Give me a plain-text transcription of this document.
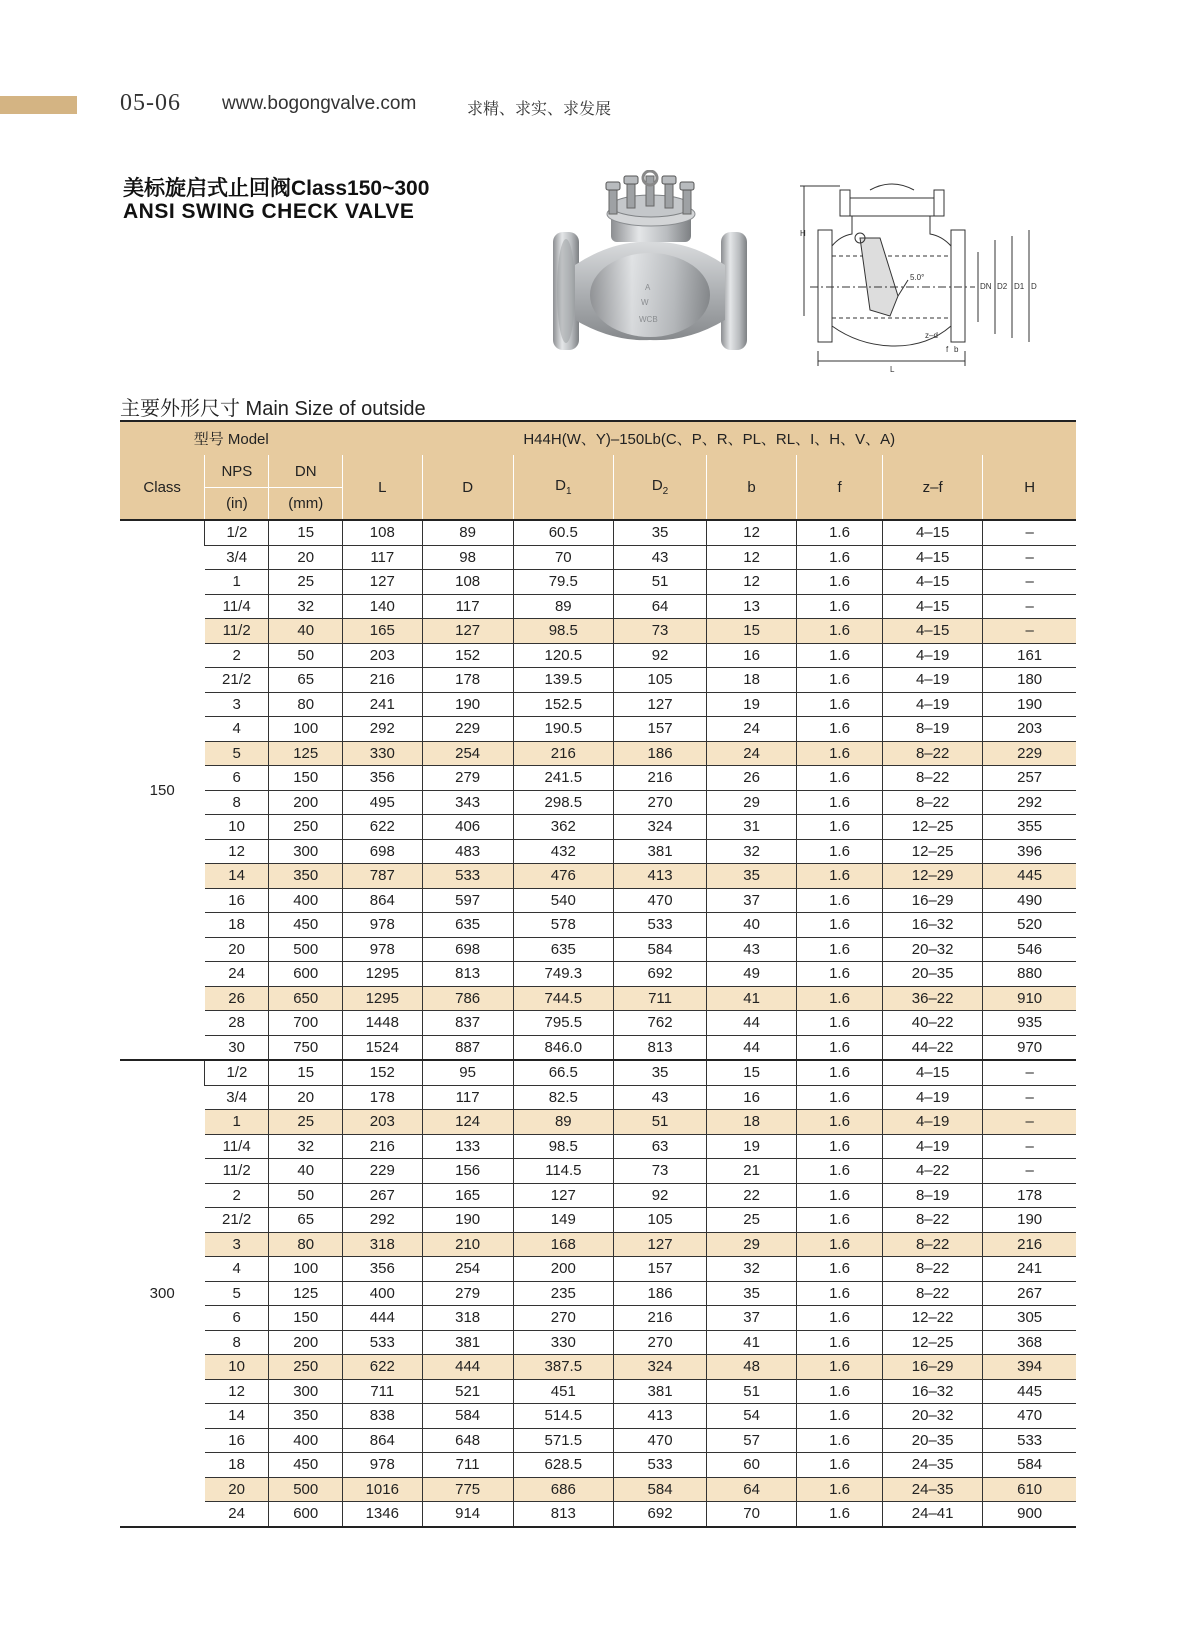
05-06 www.bogongvalve.com	求精、求实、求发展
美标旋启式止回阀Class150~300
ANSI SWING CHECK VALVE
A
W
WCB
H
5.0°
DN D2 D1 D
z–d
f b
L
主要外形尺寸 Main Size of outside
型号 Model			H44H(W、Y)–150Lb(C、P、R、PL、RL、I、H、V、A)							
Class	NPS	DN	L	D	$D_1$	$D_2$	b	f	z–f	H
	(in)	(mm)								
150	1/2	15	108	89	60.5	35	12	1.6	4–15	–
	3/4	20	117	98	70	43	12	1.6	4–15	–
	1	25	127	108	79.5	51	12	1.6	4–15	–
	11/4	32	140	117	89	64	13	1.6	4–15	–
	11/2	40	165	127	98.5	73	15	1.6	4–15	–
	2	50	203	152	120.5	92	16	1.6	4–19	161
	21/2	65	216	178	139.5	105	18	1.6	4–19	180
	3	80	241	190	152.5	127	19	1.6	4–19	190
	4	100	292	229	190.5	157	24	1.6	8–19	203
	5	125	330	254	216	186	24	1.6	8–22	229
	6	150	356	279	241.5	216	26	1.6	8–22	257
	8	200	495	343	298.5	270	29	1.6	8–22	292
	10	250	622	406	362	324	31	1.6	12–25	355
	12	300	698	483	432	381	32	1.6	12–25	396
	14	350	787	533	476	413	35	1.6	12–29	445
	16	400	864	597	540	470	37	1.6	16–29	490
	18	450	978	635	578	533	40	1.6	16–32	520
	20	500	978	698	635	584	43	1.6	20–32	546
	24	600	1295	813	749.3	692	49	1.6	20–35	880
	26	650	1295	786	744.5	711	41	1.6	36–22	910
	28	700	1448	837	795.5	762	44	1.6	40–22	935
	30	750	1524	887	846.0	813	44	1.6	44–22	970
300	1/2	15	152	95	66.5	35	15	1.6	4–15	–
	3/4	20	178	117	82.5	43	16	1.6	4–19	–
	1	25	203	124	89	51	18	1.6	4–19	–
	11/4	32	216	133	98.5	63	19	1.6	4–19	–
	11/2	40	229	156	114.5	73	21	1.6	4–22	–
	2	50	267	165	127	92	22	1.6	8–19	178
	21/2	65	292	190	149	105	25	1.6	8–22	190
	3	80	318	210	168	127	29	1.6	8–22	216
	4	100	356	254	200	157	32	1.6	8–22	241
	5	125	400	279	235	186	35	1.6	8–22	267
	6	150	444	318	270	216	37	1.6	12–22	305
	8	200	533	381	330	270	41	1.6	12–25	368
	10	250	622	444	387.5	324	48	1.6	16–29	394
	12	300	711	521	451	381	51	1.6	16–32	445
	14	350	838	584	514.5	413	54	1.6	20–32	470
	16	400	864	648	571.5	470	57	1.6	20–35	533
	18	450	978	711	628.5	533	60	1.6	24–35	584
	20	500	1016	775	686	584	64	1.6	24–35	610
	24	600	1346	914	813	692	70	1.6	24–41	900
